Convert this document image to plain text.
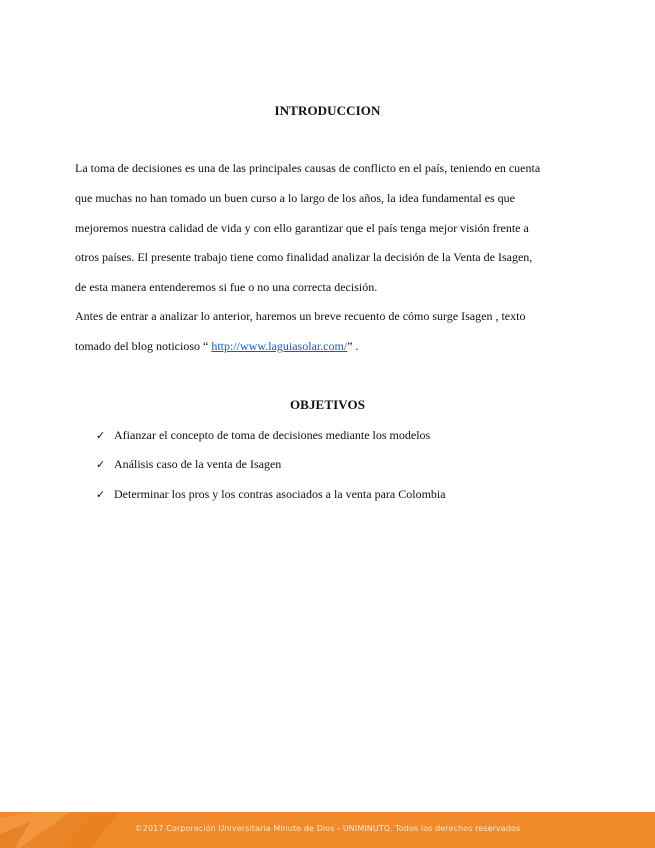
INTRODUCCION
La toma de decisiones es una de las principales causas de conflicto en el país, teniendo en cuenta
que muchas no han tomado un buen curso a lo largo de los años, la idea fundamental es que
mejoremos nuestra calidad de vida y con ello garantizar que el país tenga mejor visión frente a
otros países. El presente trabajo tiene como finalidad analizar la decisión de la Venta de Isagen,
de esta manera entenderemos si fue o no una correcta decisión.
Antes de entrar a analizar lo anterior, haremos un breve recuento de cómo surge Isagen , texto
tomado del blog noticioso “ http://www.laguiasolar.com/” .
OBJETIVOS
✓ Afianzar el concepto de toma de decisiones mediante los modelos
✓ Análisis caso de la venta de Isagen
✓ Determinar los pros y los contras asociados a la venta para Colombia
©2017 Corporación Universitaria Minuto de Dios - UNIMINUTO. Todos los derechos reservados
